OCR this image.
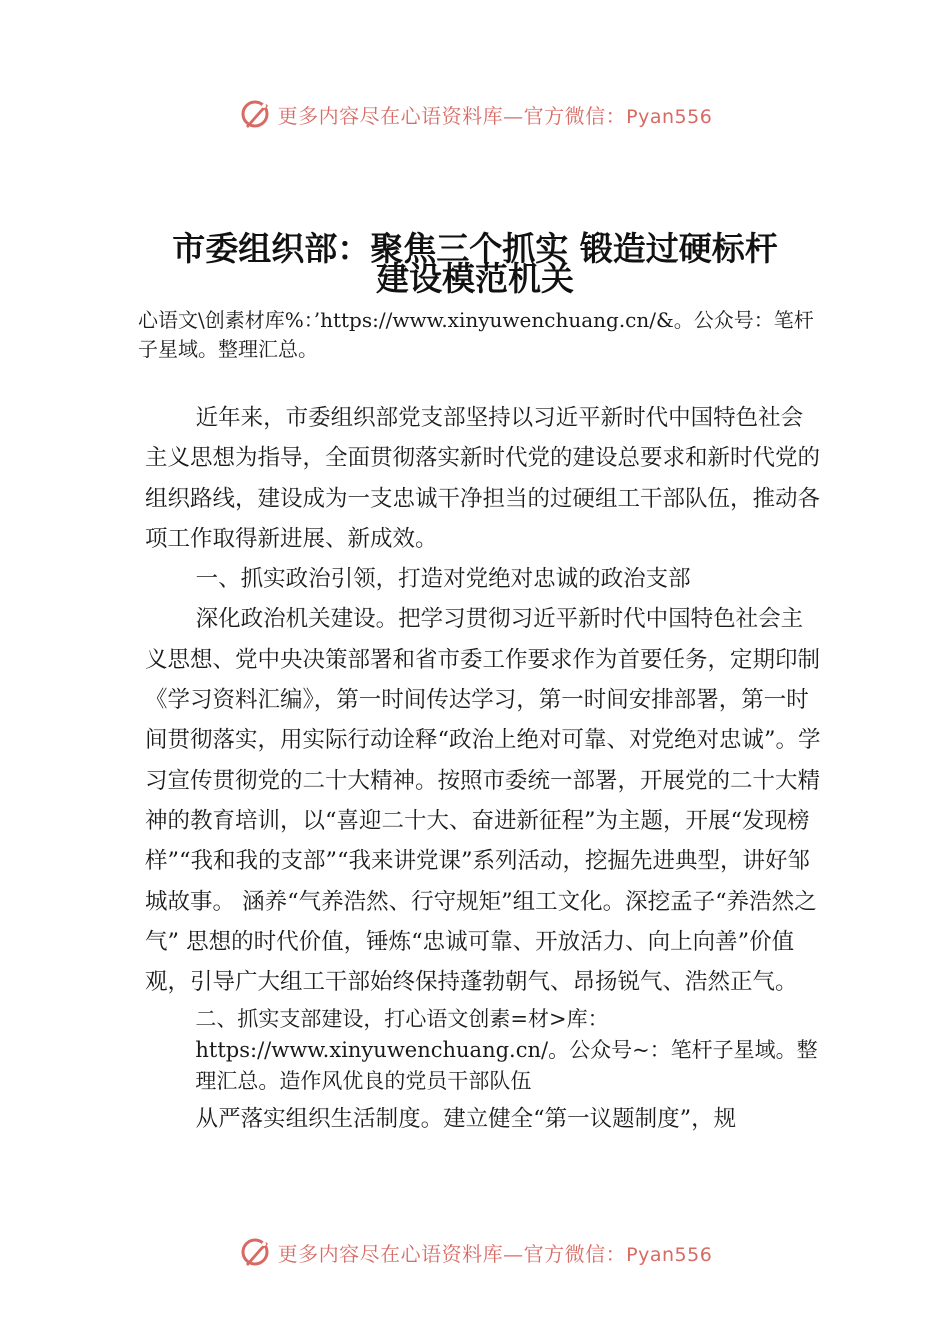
更多内容尽在心语资料库—官方微信：Pyan556
市委组织部：聚焦三个抓实 锻造过硬标杆
建设模范机关
心语文\创素材库%：’https://www.xinyuwenchuang.cn/&。公众号：笔杆子星域。整理汇总。

近年来，市委组织部党支部坚持以习近平新时代中国特色社会主义思想为指导，全面贯彻落实新时代党的建设总要求和新时代党的组织路线，建设成为一支忠诚干净担当的过硬组工干部队伍，推动各项工作取得新进展、新成效。

一、抓实政治引领，打造对党绝对忠诚的政治支部

深化政治机关建设。把学习贯彻习近平新时代中国特色社会主义思想、党中央决策部署和省市委工作要求作为首要任务，定期印制《学习资料汇编》，第一时间传达学习，第一时间安排部署，第一时间贯彻落实，用实际行动诠释“政治上绝对可靠、对党绝对忠诚”。学习宣传贯彻党的二十大精神。按照市委统一部署，开展党的二十大精神的教育培训，以“喜迎二十大、奋进新征程”为主题，开展“发现榜样”“我和我的支部”“我来讲党课”系列活动，挖掘先进典型，讲好邹城故事。 涵养“气养浩然、行守规矩”组工文化。深挖孟子“养浩然之气” 思想的时代价值，锤炼“忠诚可靠、开放活力、向上向善”价值观，引导广大组工干部始终保持蓬勃朝气、昂扬锐气、浩然正气。

二、抓实支部建设，打心语文创素=材>库：https://www.xinyuwenchuang.cn/。公众号~：笔杆子星域。整理汇总。造作风优良的党员干部队伍

从严落实组织生活制度。建立健全“第一议题制度”，规

更多内容尽在心语资料库—官方微信：Pyan556
